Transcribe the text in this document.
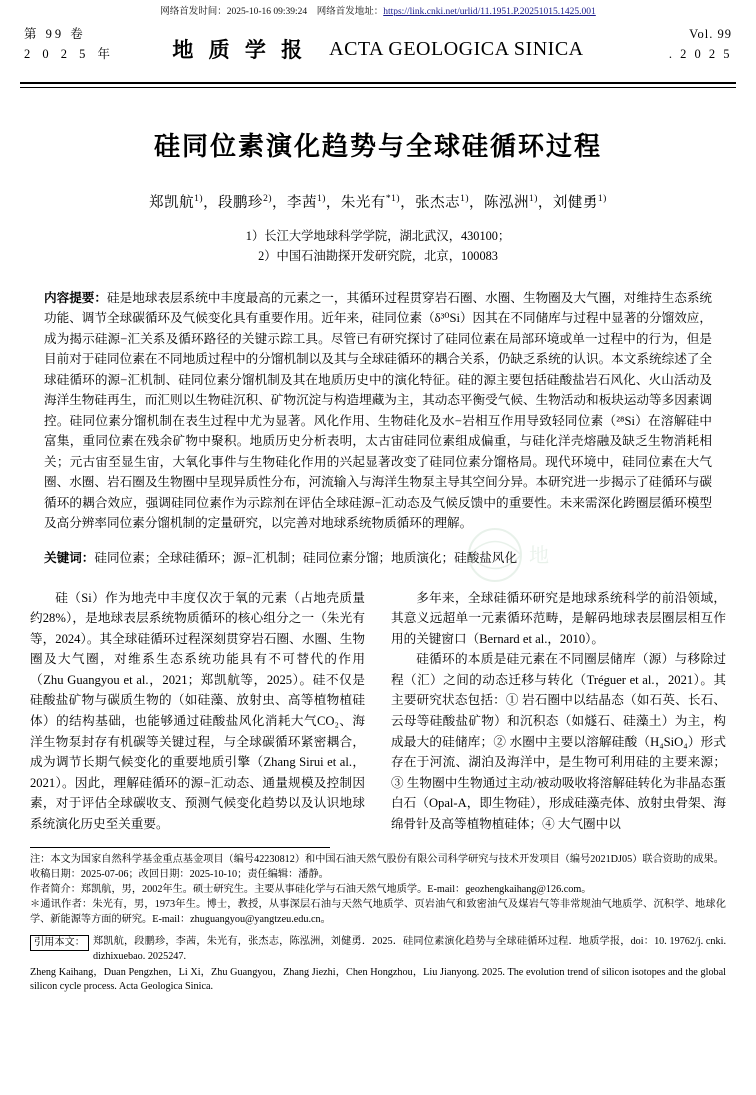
网络首发时间：2025-10-16 09:39:24 网络首发地址：https://link.cnki.net/urlid/11.1951.P.20251015.1425.001
第 99 卷
2 0 2 5 年	地 质 学 报 ACTA GEOLOGICA SINICA
Vol. 99
. 2 0 2 5
硅同位素演化趋势与全球硅循环过程
郑凯航$^{1)}$，段鹏珍$^{2)}$，李茜$^{1)}$，朱光有$^{*1)}$，张杰志$^{1)}$，陈泓洲$^{1)}$，刘健勇$^{1)}$
1）长江大学地球科学学院，湖北武汉，430100；
2）中国石油勘探开发研究院，北京，100083
内容提要：硅是地球表层系统中丰度最高的元素之一，其循环过程贯穿岩石圈、水圈、生物圈及大气圈，对维持生态系统功能、调节全球碳循环及气候变化具有重要作用。近年来，硅同位素（δ³⁰Si）因其在不同储库与过程中显著的分馏效应，成为揭示硅源−汇关系及循环路径的关键示踪工具。尽管已有研究探讨了硅同位素在局部环境或单一过程中的行为，但是目前对于硅同位素在不同地质过程中的分馏机制以及其与全球硅循环的耦合关系，仍缺乏系统的认识。本文系统综述了全球硅循环的源−汇机制、硅同位素分馏机制及其在地质历史中的演化特征。硅的源主要包括硅酸盐岩石风化、火山活动及海洋生物硅再生，而汇则以生物硅沉积、矿物沉淀与构造埋藏为主，其动态平衡受气候、生物活动和板块运动等多因素调控。硅同位素分馏机制在表生过程中尤为显著。风化作用、生物硅化及水−岩相互作用导致轻同位素（²⁸Si）在溶解硅中富集，重同位素在残余矿物中聚积。地质历史分析表明，太古宙硅同位素组成偏重，与硅化洋壳熔融及缺乏生物消耗相关；元古宙至显生宙，大氧化事件与生物硅化作用的兴起显著改变了硅同位素分馏格局。现代环境中，硅同位素在大气圈、水圈、岩石圈及生物圈中呈现异质性分布，河流输入与海洋生物泵主导其空间分异。本研究进一步揭示了硅循环与碳循环的耦合效应，强调硅同位素作为示踪剂在评估全球硅源−汇动态及气候反馈中的重要性。未来需深化跨圈层循环模型及高分辨率同位素分馏机制的定量研究，以完善对地球系统物质循环的理解。
关键词：硅同位素；全球硅循环；源−汇机制；硅同位素分馏；地质演化；硅酸盐风化

硅（Si）作为地壳中丰度仅次于氧的元素（占地壳质量约28%），是地球表层系统物质循环的核心组分之一（朱光有等，2024）。其全球硅循环过程深刻贯穿岩石圈、水圈、生物圈及大气圈，对维系生态系统功能具有不可替代的作用（Zhu Guangyou et al.，2021；郑凯航等，2025）。硅不仅是硅酸盐矿物与碳质生物的（如硅藻、放射虫、高等植物植硅体）的结构基础，也能够通过硅酸盐风化消耗大气CO₂、海洋生物泵封存有机碳等关键过程，与全球碳循环紧密耦合，成为调节长期气候变化的重要地质引擎（Zhang Sirui et al.，2021）。因此，理解硅循环的源−汇动态、通量规模及控制因素，对于评估全球碳收支、预测气候变化趋势以及认识地球系统演化历史至关重要。

多年来，全球硅循环研究是地球系统科学的前沿领域，其意义远超单一元素循环范畴，是解码地球表层圈层相互作用的关键窗口（Bernard et al.，2010）。

硅循环的本质是硅元素在不同圈层储库（源）与移除过程（汇）之间的动态迁移与转化（Tréguer et al.，2021）。其主要研究状态包括：① 岩石圈中以结晶态（如石英、长石、云母等硅酸盐矿物）和沉积态（如燧石、硅藻土）为主，构成最大的硅储库；② 水圈中主要以溶解硅酸（H₄SiO₄）形式存在于河流、湖泊及海洋中，是生物可利用硅的主要来源；③ 生物圈中生物通过主动/被动吸收将溶解硅转化为非晶态蛋白石（Opal-A，即生物硅），形成硅藻壳体、放射虫骨架、海绵骨针及高等植物植硅体；④ 大气圈中以

注：本文为国家自然科学基金重点基金项目（编号42230812）和中国石油天然气股份有限公司科学研究与技术开发项目（编号2021DJ05）联合资助的成果。
收稿日期：2025-07-06；改回日期：2025-10-10；责任编辑：潘静。
作者简介：郑凯航，男，2002年生。硕士研究生。主要从事硅化学与石油天然气地质学。E-mail：geozhengkaihang@126.com。
＊通讯作者：朱光有，男，1973年生。博士，教授，从事深层石油与天然气地质学、页岩油气和致密油气及煤岩气等非常规油气地质学、沉积学、地球化学、新能源等方面的研究。E-mail：zhuguangyou@yangtzeu.edu.cn。
引用本文： 郑凯航，段鹏珍，李茜，朱光有，张杰志，陈泓洲，刘健勇．2025．硅同位素演化趋势与全球硅循环过程．地质学报，doi：10. 19762/j. cnki. dizhixuebao. 2025247.
Zheng Kaihang，Duan Pengzhen，Li Xi，Zhu Guangyou，Zhang Jiezhi，Chen Hongzhou，Liu Jianyong. 2025. The evolution trend of silicon isotopes and the global silicon cycle process. Acta Geologica Sinica.
地
